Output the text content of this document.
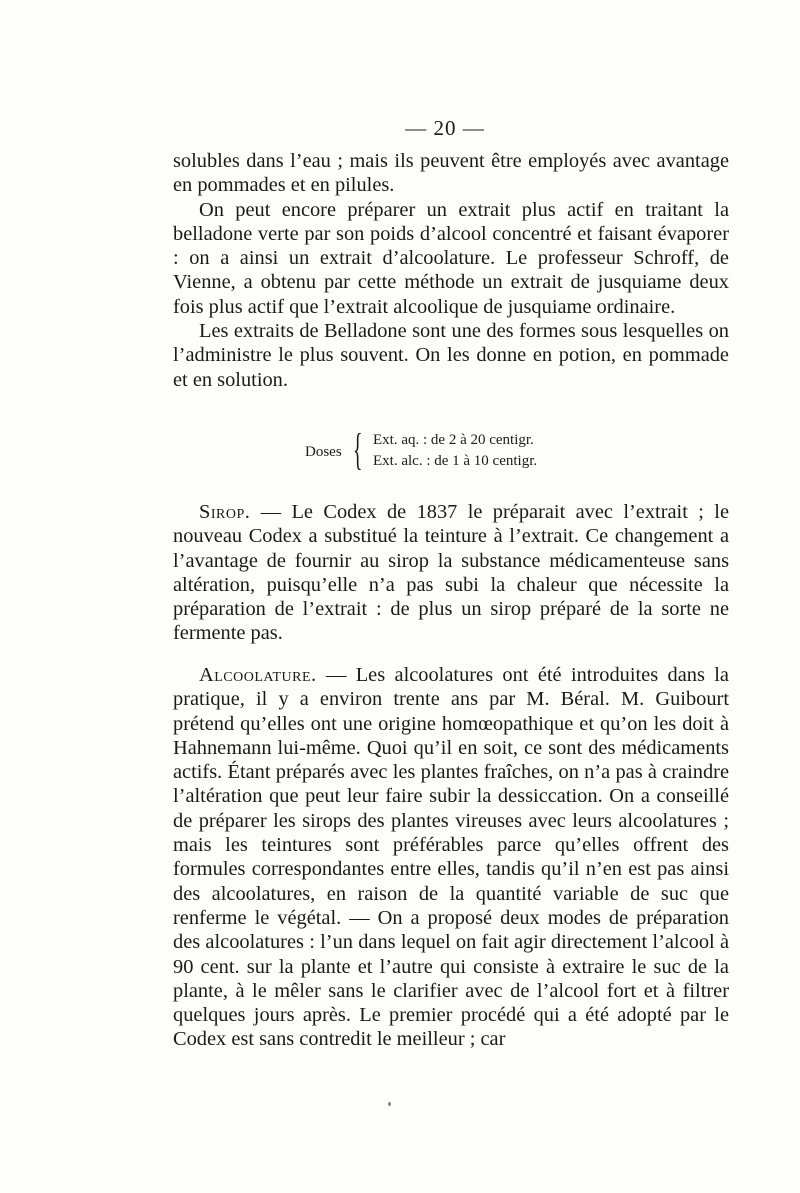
— 20 —

solubles dans l’eau ; mais ils peuvent être employés avec avantage en pommades et en pilules.

On peut encore préparer un extrait plus actif en traitant la belladone verte par son poids d’alcool concentré et faisant évaporer : on a ainsi un extrait d’alcoolature. Le professeur Schroff, de Vienne, a obtenu par cette méthode un extrait de jusquiame deux fois plus actif que l’extrait alcoolique de jusquiame ordinaire.

Les extraits de Belladone sont une des formes sous lesquelles on l’administre le plus souvent. On les donne en potion, en pommade et en solution.

Doses { Ext. aq. : de 2 à 20 centigr.
Ext. alc. : de 1 à 10 centigr.

Sirop. — Le Codex de 1837 le préparait avec l’extrait ; le nouveau Codex a substitué la teinture à l’extrait. Ce changement a l’avantage de fournir au sirop la substance médicamenteuse sans altération, puisqu’elle n’a pas subi la chaleur que nécessite la préparation de l’extrait : de plus un sirop préparé de la sorte ne fermente pas.

Alcoolature. — Les alcoolatures ont été introduites dans la pratique, il y a environ trente ans par M. Béral. M. Guibourt prétend qu’elles ont une origine homœopathique et qu’on les doit à Hahnemann lui-même. Quoi qu’il en soit, ce sont des médicaments actifs. Étant préparés avec les plantes fraîches, on n’a pas à craindre l’altération que peut leur faire subir la dessiccation. On a conseillé de préparer les sirops des plantes vireuses avec leurs alcoolatures ; mais les teintures sont préférables parce qu’elles offrent des formules correspondantes entre elles, tandis qu’il n’en est pas ainsi des alcoolatures, en raison de la quantité variable de suc que renferme le végétal. — On a proposé deux modes de préparation des alcoolatures : l’un dans lequel on fait agir directement l’alcool à 90 cent. sur la plante et l’autre qui consiste à extraire le suc de la plante, à le mêler sans le clarifier avec de l’alcool fort et à filtrer quelques jours après. Le premier procédé qui a été adopté par le Codex est sans contredit le meilleur ; car
